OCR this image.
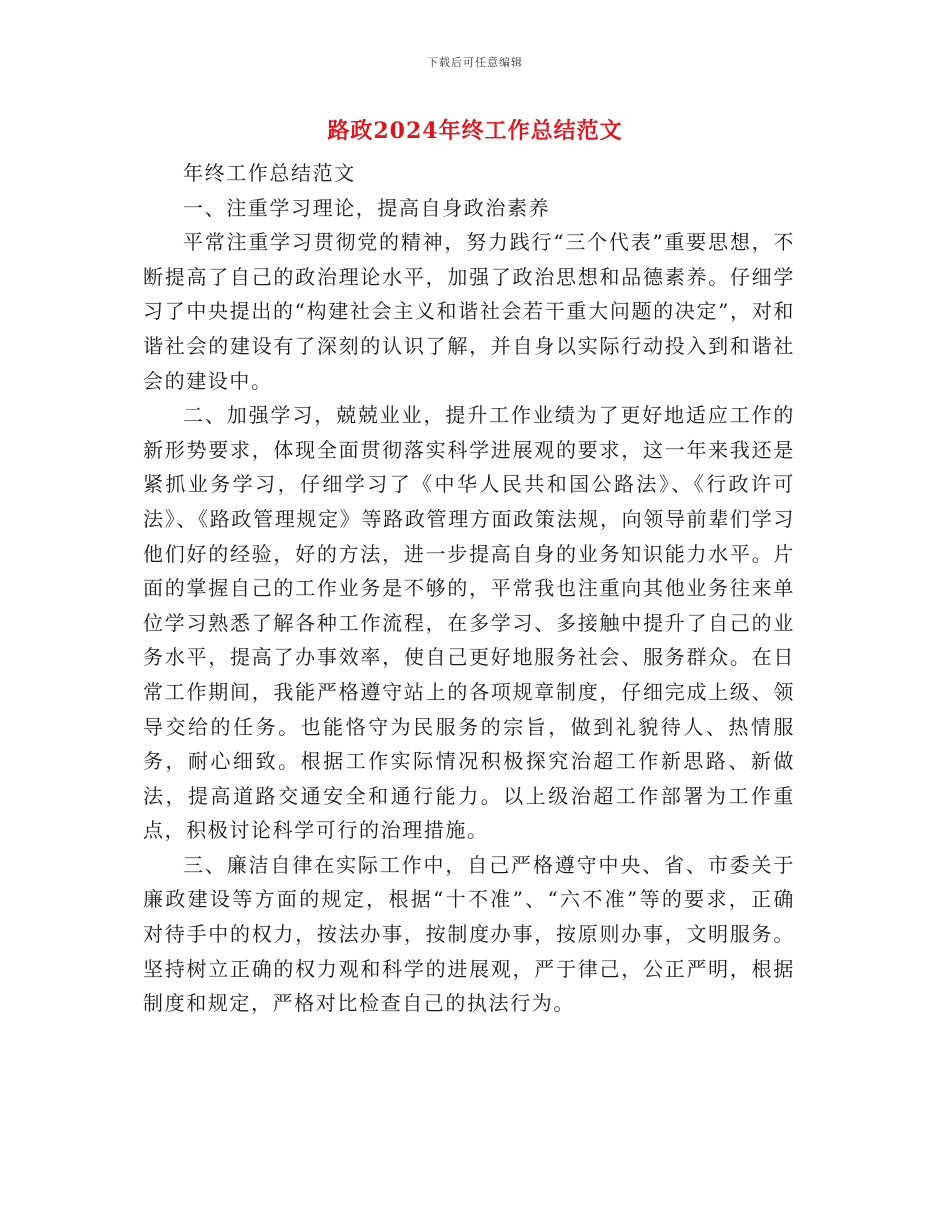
下载后可任意编辑
路政2024年终工作总结范文

年终工作总结范文

一、注重学习理论，提高自身政治素养

平常注重学习贯彻党的精神，努力践行“三个代表”重要思想，不断提高了自己的政治理论水平，加强了政治思想和品德素养。仔细学习了中央提出的“构建社会主义和谐社会若干重大问题的决定”，对和谐社会的建设有了深刻的认识了解，并自身以实际行动投入到和谐社会的建设中。

二、加强学习，兢兢业业，提升工作业绩为了更好地适应工作的新形势要求，体现全面贯彻落实科学进展观的要求，这一年来我还是紧抓业务学习，仔细学习了《中华人民共和国公路法》、《行政许可法》、《路政管理规定》等路政管理方面政策法规，向领导前辈们学习他们好的经验，好的方法，进一步提高自身的业务知识能力水平。片面的掌握自己的工作业务是不够的，平常我也注重向其他业务往来单位学习熟悉了解各种工作流程，在多学习、多接触中提升了自己的业务水平，提高了办事效率，使自己更好地服务社会、服务群众。在日常工作期间，我能严格遵守站上的各项规章制度，仔细完成上级、领导交给的任务。也能恪守为民服务的宗旨，做到礼貌待人、热情服务，耐心细致。根据工作实际情况积极探究治超工作新思路、新做法，提高道路交通安全和通行能力。以上级治超工作部署为工作重点，积极讨论科学可行的治理措施。

三、廉洁自律在实际工作中，自己严格遵守中央、省、市委关于廉政建设等方面的规定，根据“十不准”、“六不准”等的要求，正确对待手中的权力，按法办事，按制度办事，按原则办事，文明服务。坚持树立正确的权力观和科学的进展观，严于律己，公正严明，根据制度和规定，严格对比检查自己的执法行为。
